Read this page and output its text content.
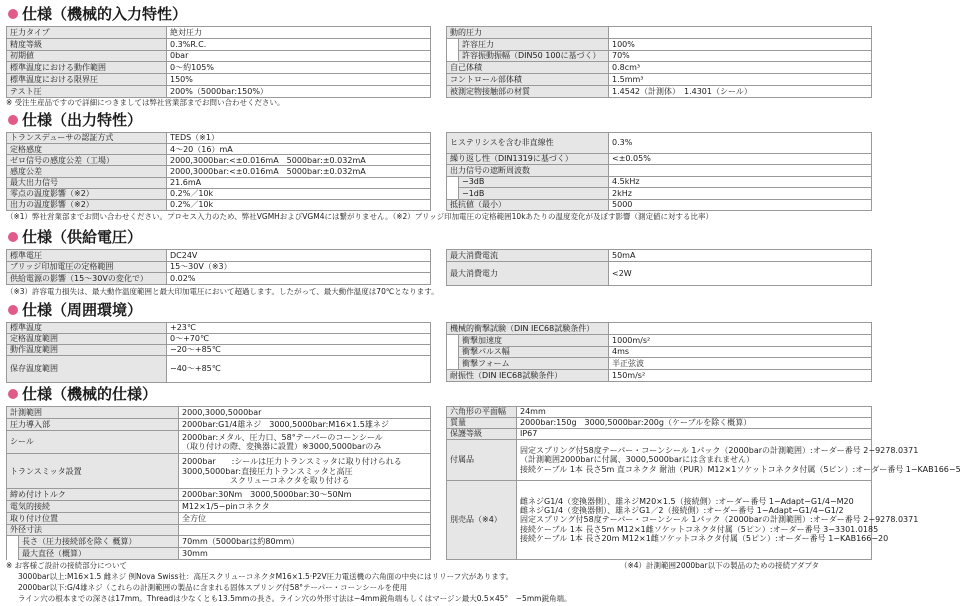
仕様（機械的入力特性）
圧力タイプ	絶対圧力
精度等級	0.3%R.C.
初期値	0bar
標準温度における動作範囲	0～約105%
標準温度における限界圧	150%
テスト圧	200%（5000bar:150%）
動的圧力		
	許容圧力	100%
	許容振動振幅（DIN50 100に基づく）	70%
自己体積		0.8cm³
コントロール部体積		1.5mm³
被測定物接触部の材質		1.4542（計測体）　1.4301（シール）
※ 受注生産品ですので詳細につきましては弊社営業部までお問い合わせください。
仕様（出力特性）
トランスデューサの認証方式	TEDS（※1）
定格感度	4～20（16）mA
ゼロ信号の感度公差（工場）	2000,3000bar:<±0.016mA　5000bar:±0.032mA
感度公差	2000,3000bar:<±0.016mA　5000bar:±0.032mA
最大出力信号	21.6mA
零点の温度影響（※2）	0.2%／10k
出力の温度影響（※2）	0.2%／10k
ヒステリシスを含む非直線性		0.3%
繰り返し性（DIN1319に基づく）		<±0.05%
出力信号の遮断周波数		
	−3dB	4.5kHz
	−1dB	2kHz
抵抗値（最小）		5000
（※1）弊社営業部までお問い合わせください。プロセス入力のため、弊社VGMHおよびVGM4には繋がりません。（※2）ブリッジ印加電圧の定格範囲10kあたりの温度変化が及ぼす影響（測定値に対する比率）
仕様（供給電圧）
標準電圧	DC24V
ブリッジ印加電圧の定格範囲	15～30V（※3）
供給電源の影響（15～30Vの変化で）	0.02%
最大消費電流	50mA
最大消費電力	<2W
（※3）許容電力損失は、最大動作温度範囲と最大印加電圧において超過します。したがって、最大動作温度は70℃となります。
仕様（周囲環境）
標準温度	+23℃
定格温度範囲	0～+70℃
動作温度範囲	−20～+85℃
保存温度範囲	−40～+85℃
機械的衝撃試験（DIN IEC68試験条件）		
	衝撃加速度	1000m/s²
	衝撃パルス幅	4ms
	衝撃フォーム	半正弦波
耐振性（DIN IEC68試験条件）		150m/s²
仕様（機械的仕様）
計測範囲		2000,3000,5000bar
圧力導入部		2000bar:G1/4雄ネジ　3000,5000bar:M16×1.5雄ネジ
シール		2000bar:メタル、圧力口、58°テーパーのコーンシール
（取り付けの際、変換器に設置）※3000,5000barのみ
トランスミッタ設置		2000bar　　:シールは圧力トランスミッタに取り付けられる
3000,5000bar:直接圧力トランスミッタと高圧
　　　　　　スクリューコネクタを取り付ける
締め付けトルク		2000bar:30Nm　3000,5000bar:30～50Nm
電気的接続		M12×1/5−pinコネクタ
取り付け位置		全方位
外径寸法		
	長さ（圧力接続部を除く 概算）	70mm（5000barは約80mm）
	最大直径（概算）	30mm
六角形の平面幅	24mm
質量	2000bar:150g　3000,5000bar:200g（ケーブルを除く概算）
保護等級	IP67
付属品	固定スプリング付58度テーパー・コーンシール 1パック（2000barの計測範囲）:オーダー番号 2−9278.0371
（計測範囲2000barに付属、3000,5000barには含まれません）
接続ケーブル 1本 長さ5m 直コネクタ 耐油（PUR）M12×1ソケットコネクタ付属（5ピン）:オーダー番号 1−KAB166−5
別売品（※4）	雌ネジG1/4（変換器側）、雄ネジM20×1.5（接続側）:オーダー番号 1−Adapt−G1/4−M20
雌ネジG1/4（変換器側）、雄ネジG1／2（接続側）:オーダー番号 1−Adapt−G1/4−G1/2
固定スプリング付58度テーパー・コーンシール 1パック（2000barの計測範囲）:オーダー番号 2−9278.0371
接続ケーブル 1本 長さ5m M12×1雌ソケットコネクタ付属（5ピン）:オーダー番号 3−3301.0185
接続ケーブル 1本 長さ20m M12×1雌ソケットコネクタ付属（5ピン）:オーダー番号 1−KAB166−20
※ お客様ご設計の接続部分について	（※4）計測範囲2000bar以下の製品のための接続アダプタ
3000bar以上:M16×1.5 雌ネジ 例Nova Swiss社：高圧スクリューコネクタM16×1.5·P2V圧力電送機の六角面の中央にはリリーフ穴があります。
2000bar以下:G/4雄ネジ（これらの計測範囲の製品に含まれる固体スプリング付58°テーパー・コーンシールを使用
ライン穴の根本までの深さは17mm。Threadは少なくとも13.5mmの長さ。ライン穴の外形寸法は−4mm鋭角端もしくはマージン最大0.5×45°　−5mm鋭角端。
